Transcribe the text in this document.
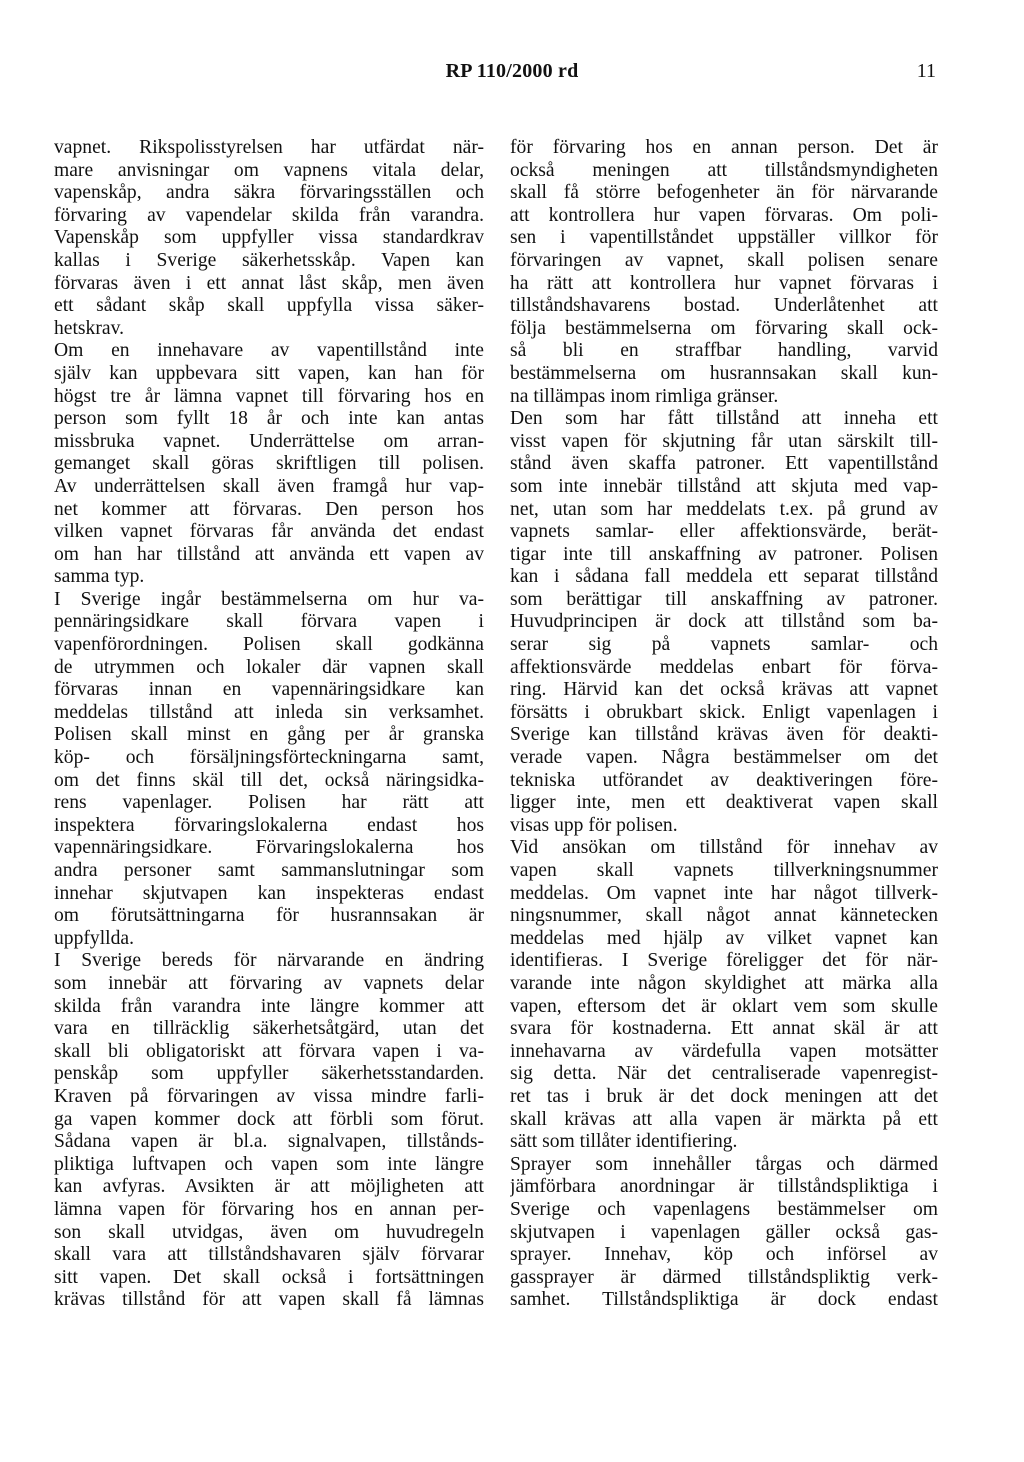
RP 110/2000 rd	11
vapnet. Rikspolisstyrelsen har utfärdat när-
mare anvisningar om vapnens vitala delar,
vapenskåp, andra säkra förvaringsställen och
förvaring av vapendelar skilda från varandra.
Vapenskåp som uppfyller vissa standardkrav
kallas i Sverige säkerhetsskåp. Vapen kan
förvaras även i ett annat låst skåp, men även
ett sådant skåp skall uppfylla vissa säker-
hetskrav.
Om en innehavare av vapentillstånd inte
själv kan uppbevara sitt vapen, kan han för
högst tre år lämna vapnet till förvaring hos en
person som fyllt 18 år och inte kan antas
missbruka vapnet. Underrättelse om arran-
gemanget skall göras skriftligen till polisen.
Av underrättelsen skall även framgå hur vap-
net kommer att förvaras. Den person hos
vilken vapnet förvaras får använda det endast
om han har tillstånd att använda ett vapen av
samma typ.
I Sverige ingår bestämmelserna om hur va-
pennäringsidkare skall förvara vapen i
vapenförordningen. Polisen skall godkänna
de utrymmen och lokaler där vapnen skall
förvaras innan en vapennäringsidkare kan
meddelas tillstånd att inleda sin verksamhet.
Polisen skall minst en gång per år granska
köp- och försäljningsförteckningarna samt,
om det finns skäl till det, också näringsidka-
rens vapenlager. Polisen har rätt att
inspektera förvaringslokalerna endast hos
vapennäringsidkare. Förvaringslokalerna hos
andra personer samt sammanslutningar som
innehar skjutvapen kan inspekteras endast
om förutsättningarna för husrannsakan är
uppfyllda.
I Sverige bereds för närvarande en ändring
som innebär att förvaring av vapnets delar
skilda från varandra inte längre kommer att
vara en tillräcklig säkerhetsåtgärd, utan det
skall bli obligatoriskt att förvara vapen i va-
penskåp som uppfyller säkerhetsstandarden.
Kraven på förvaringen av vissa mindre farli-
ga vapen kommer dock att förbli som förut.
Sådana vapen är bl.a. signalvapen, tillstånds-
pliktiga luftvapen och vapen som inte längre
kan avfyras. Avsikten är att möjligheten att
lämna vapen för förvaring hos en annan per-
son skall utvidgas, även om huvudregeln
skall vara att tillståndshavaren själv förvarar
sitt vapen. Det skall också i fortsättningen
krävas tillstånd för att vapen skall få lämnas
för förvaring hos en annan person. Det är
också meningen att tillståndsmyndigheten
skall få större befogenheter än för närvarande
att kontrollera hur vapen förvaras. Om poli-
sen i vapentillståndet uppställer villkor för
förvaringen av vapnet, skall polisen senare
ha rätt att kontrollera hur vapnet förvaras i
tillståndshavarens bostad. Underlåtenhet att
följa bestämmelserna om förvaring skall ock-
så bli en straffbar handling, varvid
bestämmelserna om husrannsakan skall kun-
na tillämpas inom rimliga gränser.
Den som har fått tillstånd att inneha ett
visst vapen för skjutning får utan särskilt till-
stånd även skaffa patroner. Ett vapentillstånd
som inte innebär tillstånd att skjuta med vap-
net, utan som har meddelats t.ex. på grund av
vapnets samlar- eller affektionsvärde, berät-
tigar inte till anskaffning av patroner. Polisen
kan i sådana fall meddela ett separat tillstånd
som berättigar till anskaffning av patroner.
Huvudprincipen är dock att tillstånd som ba-
serar sig på vapnets samlar- och
affektionsvärde meddelas enbart för förva-
ring. Härvid kan det också krävas att vapnet
försätts i obrukbart skick. Enligt vapenlagen i
Sverige kan tillstånd krävas även för deakti-
verade vapen. Några bestämmelser om det
tekniska utförandet av deaktiveringen före-
ligger inte, men ett deaktiverat vapen skall
visas upp för polisen.
Vid ansökan om tillstånd för innehav av
vapen skall vapnets tillverkningsnummer
meddelas. Om vapnet inte har något tillverk-
ningsnummer, skall något annat kännetecken
meddelas med hjälp av vilket vapnet kan
identifieras. I Sverige föreligger det för när-
varande inte någon skyldighet att märka alla
vapen, eftersom det är oklart vem som skulle
svara för kostnaderna. Ett annat skäl är att
innehavarna av värdefulla vapen motsätter
sig detta. När det centraliserade vapenregist-
ret tas i bruk är det dock meningen att det
skall krävas att alla vapen är märkta på ett
sätt som tillåter identifiering.
Sprayer som innehåller tårgas och därmed
jämförbara anordningar är tillståndspliktiga i
Sverige och vapenlagens bestämmelser om
skjutvapen i vapenlagen gäller också gas-
sprayer. Innehav, köp och införsel av
gassprayer är därmed tillståndspliktig verk-
samhet. Tillståndspliktiga är dock endast
